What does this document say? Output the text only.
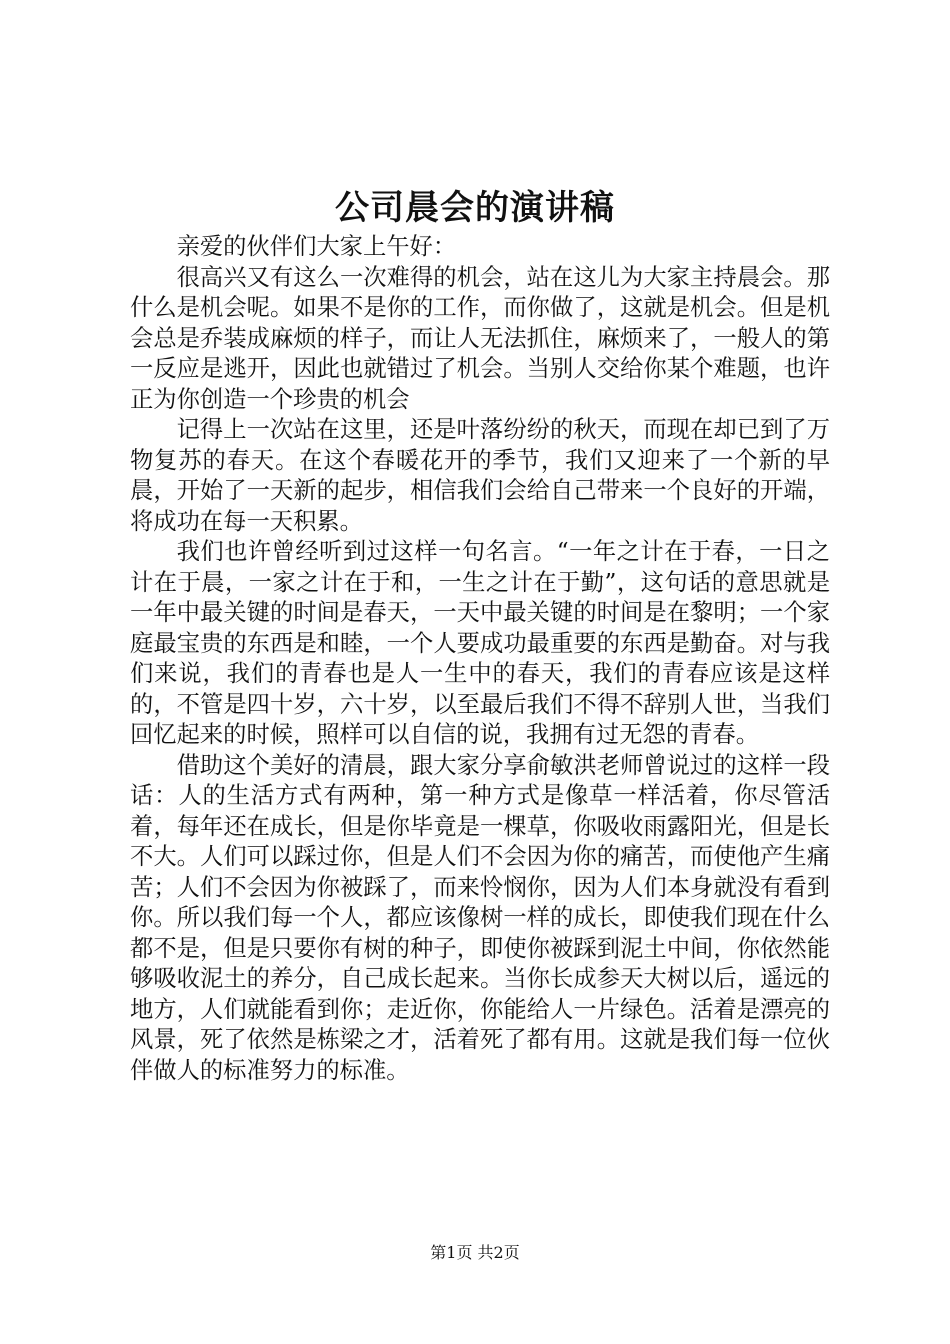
公司晨会的演讲稿

亲爱的伙伴们大家上午好：

很高兴又有这么一次难得的机会，站在这儿为大家主持晨会。那什么是机会呢。如果不是你的工作，而你做了，这就是机会。但是机会总是乔装成麻烦的样子，而让人无法抓住，麻烦来了，一般人的第一反应是逃开，因此也就错过了机会。当别人交给你某个难题，也许正为你创造一个珍贵的机会

记得上一次站在这里，还是叶落纷纷的秋天，而现在却已到了万物复苏的春天。在这个春暖花开的季节，我们又迎来了一个新的早晨，开始了一天新的起步，相信我们会给自己带来一个良好的开端，将成功在每一天积累。

我们也许曾经听到过这样一句名言。“一年之计在于春，一日之计在于晨，一家之计在于和，一生之计在于勤”，这句话的意思就是一年中最关键的时间是春天，一天中最关键的时间是在黎明；一个家庭最宝贵的东西是和睦，一个人要成功最重要的东西是勤奋。对与我们来说，我们的青春也是人一生中的春天，我们的青春应该是这样的，不管是四十岁，六十岁，以至最后我们不得不辞别人世，当我们回忆起来的时候，照样可以自信的说，我拥有过无怨的青春。

借助这个美好的清晨，跟大家分享俞敏洪老师曾说过的这样一段话：人的生活方式有两种，第一种方式是像草一样活着，你尽管活着，每年还在成长，但是你毕竟是一棵草，你吸收雨露阳光，但是长不大。人们可以踩过你，但是人们不会因为你的痛苦，而使他产生痛苦；人们不会因为你被踩了，而来怜悯你，因为人们本身就没有看到你。所以我们每一个人，都应该像树一样的成长，即使我们现在什么都不是，但是只要你有树的种子，即使你被踩到泥土中间，你依然能够吸收泥土的养分，自己成长起来。当你长成参天大树以后，遥远的地方，人们就能看到你；走近你，你能给人一片绿色。活着是漂亮的风景，死了依然是栋梁之才，活着死了都有用。这就是我们每一位伙伴做人的标准努力的标准。

第1页 共2页
